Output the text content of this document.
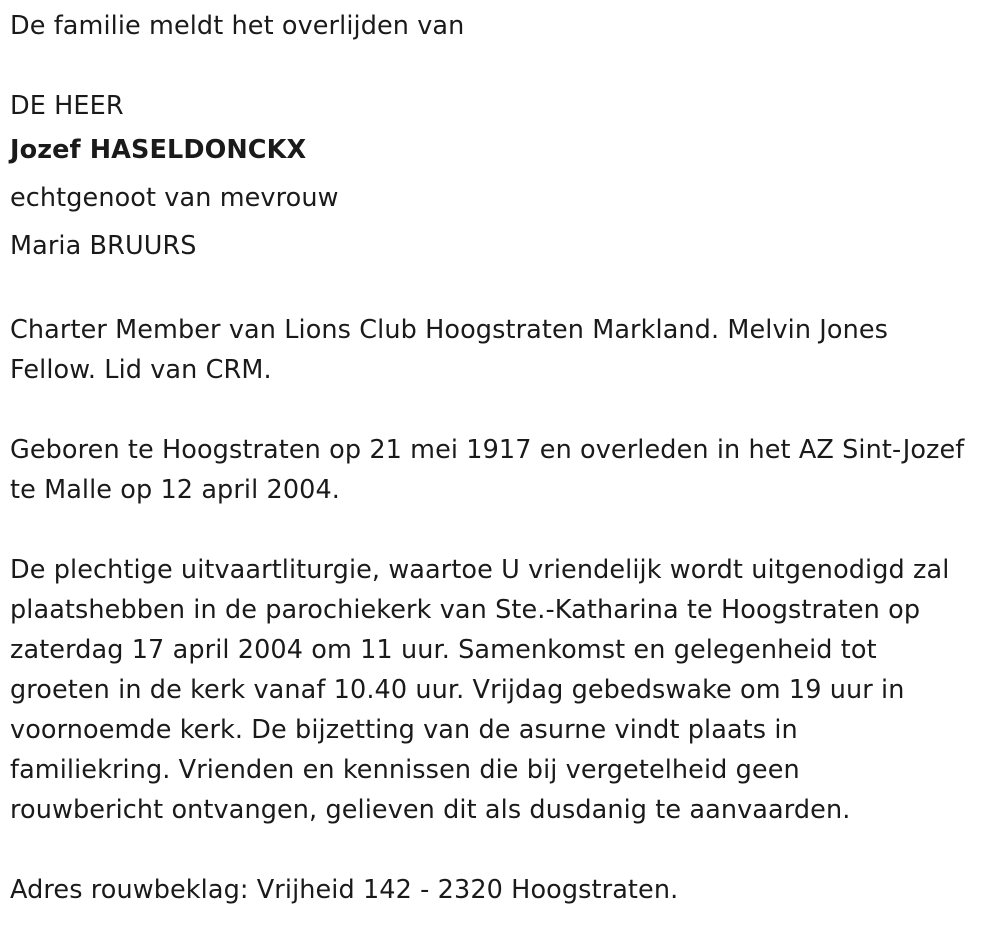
De familie meldt het overlijden van
DE HEER
Jozef HASELDONCKX
echtgenoot van mevrouw
Maria BRUURS
Charter Member van Lions Club Hoogstraten Markland. Melvin Jones
Fellow. Lid van CRM.
Geboren te Hoogstraten op 21 mei 1917 en overleden in het AZ Sint-Jozef
te Malle op 12 april 2004.
De plechtige uitvaartliturgie, waartoe U vriendelijk wordt uitgenodigd zal
plaatshebben in de parochiekerk van Ste.-Katharina te Hoogstraten op
zaterdag 17 april 2004 om 11 uur. Samenkomst en gelegenheid tot
groeten in de kerk vanaf 10.40 uur. Vrijdag gebedswake om 19 uur in
voornoemde kerk. De bijzetting van de asurne vindt plaats in
familiekring. Vrienden en kennissen die bij vergetelheid geen
rouwbericht ontvangen, gelieven dit als dusdanig te aanvaarden.
Adres rouwbeklag: Vrijheid 142 - 2320 Hoogstraten.
